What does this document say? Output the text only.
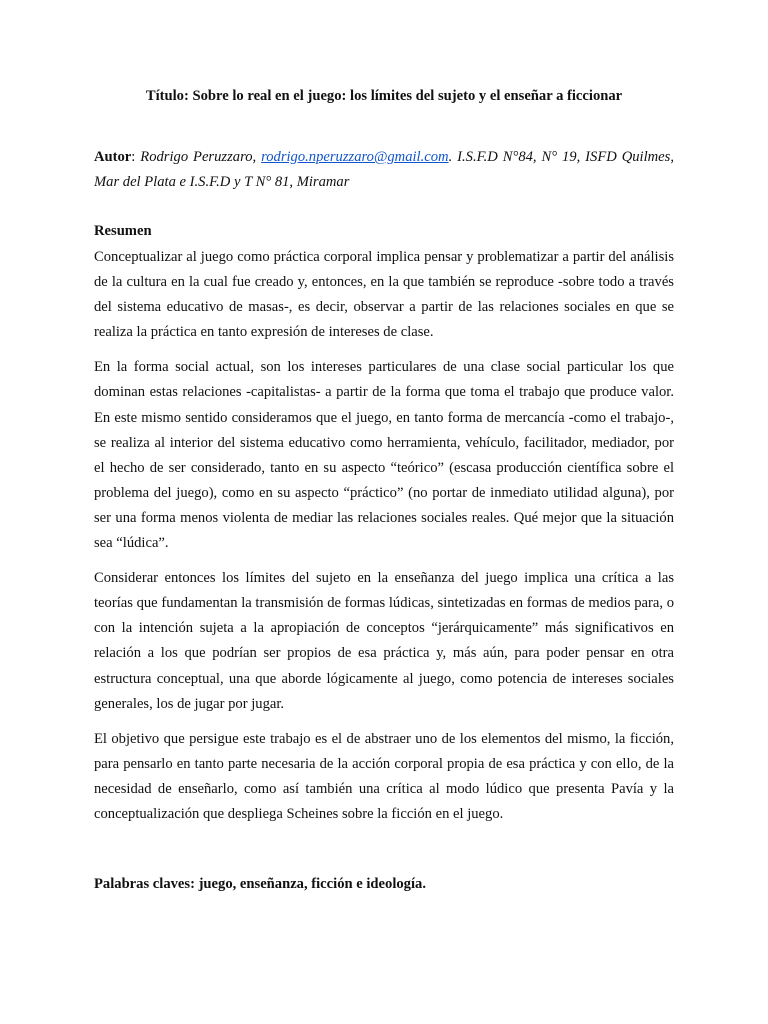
Título: Sobre lo real en el juego: los límites del sujeto y el enseñar a ficcionar

Autor: Rodrigo Peruzzaro, rodrigo.nperuzzaro@gmail.com. I.S.F.D N°84, N° 19, ISFD Quilmes, Mar del Plata e I.S.F.D y T N° 81, Miramar

Resumen

Conceptualizar al juego como práctica corporal implica pensar y problematizar a partir del análisis de la cultura en la cual fue creado y, entonces, en la que también se reproduce -sobre todo a través del sistema educativo de masas-, es decir, observar a partir de las relaciones sociales en que se realiza la práctica en tanto expresión de intereses de clase.

En la forma social actual, son los intereses particulares de una clase social particular los que dominan estas relaciones -capitalistas- a partir de la forma que toma el trabajo que produce valor. En este mismo sentido consideramos que el juego, en tanto forma de mercancía -como el trabajo-, se realiza al interior del sistema educativo como herramienta, vehículo, facilitador, mediador, por el hecho de ser considerado, tanto en su aspecto “teórico” (escasa producción científica sobre el problema del juego), como en su aspecto “práctico” (no portar de inmediato utilidad alguna), por ser una forma menos violenta de mediar las relaciones sociales reales. Qué mejor que la situación sea “lúdica”.

Considerar entonces los límites del sujeto en la enseñanza del juego implica una crítica a las teorías que fundamentan la transmisión de formas lúdicas, sintetizadas en formas de medios para, o con la intención sujeta a la apropiación de conceptos “jerárquicamente” más significativos en relación a los que podrían ser propios de esa práctica y, más aún, para poder pensar en otra estructura conceptual, una que aborde lógicamente al juego, como potencia de intereses sociales generales, los de jugar por jugar.

El objetivo que persigue este trabajo es el de abstraer uno de los elementos del mismo, la ficción, para pensarlo en tanto parte necesaria de la acción corporal propia de esa práctica y con ello, de la necesidad de enseñarlo, como así también una crítica al modo lúdico que presenta Pavía y la conceptualización que despliega Scheines sobre la ficción en el juego.

Palabras claves: juego, enseñanza, ficción e ideología.
